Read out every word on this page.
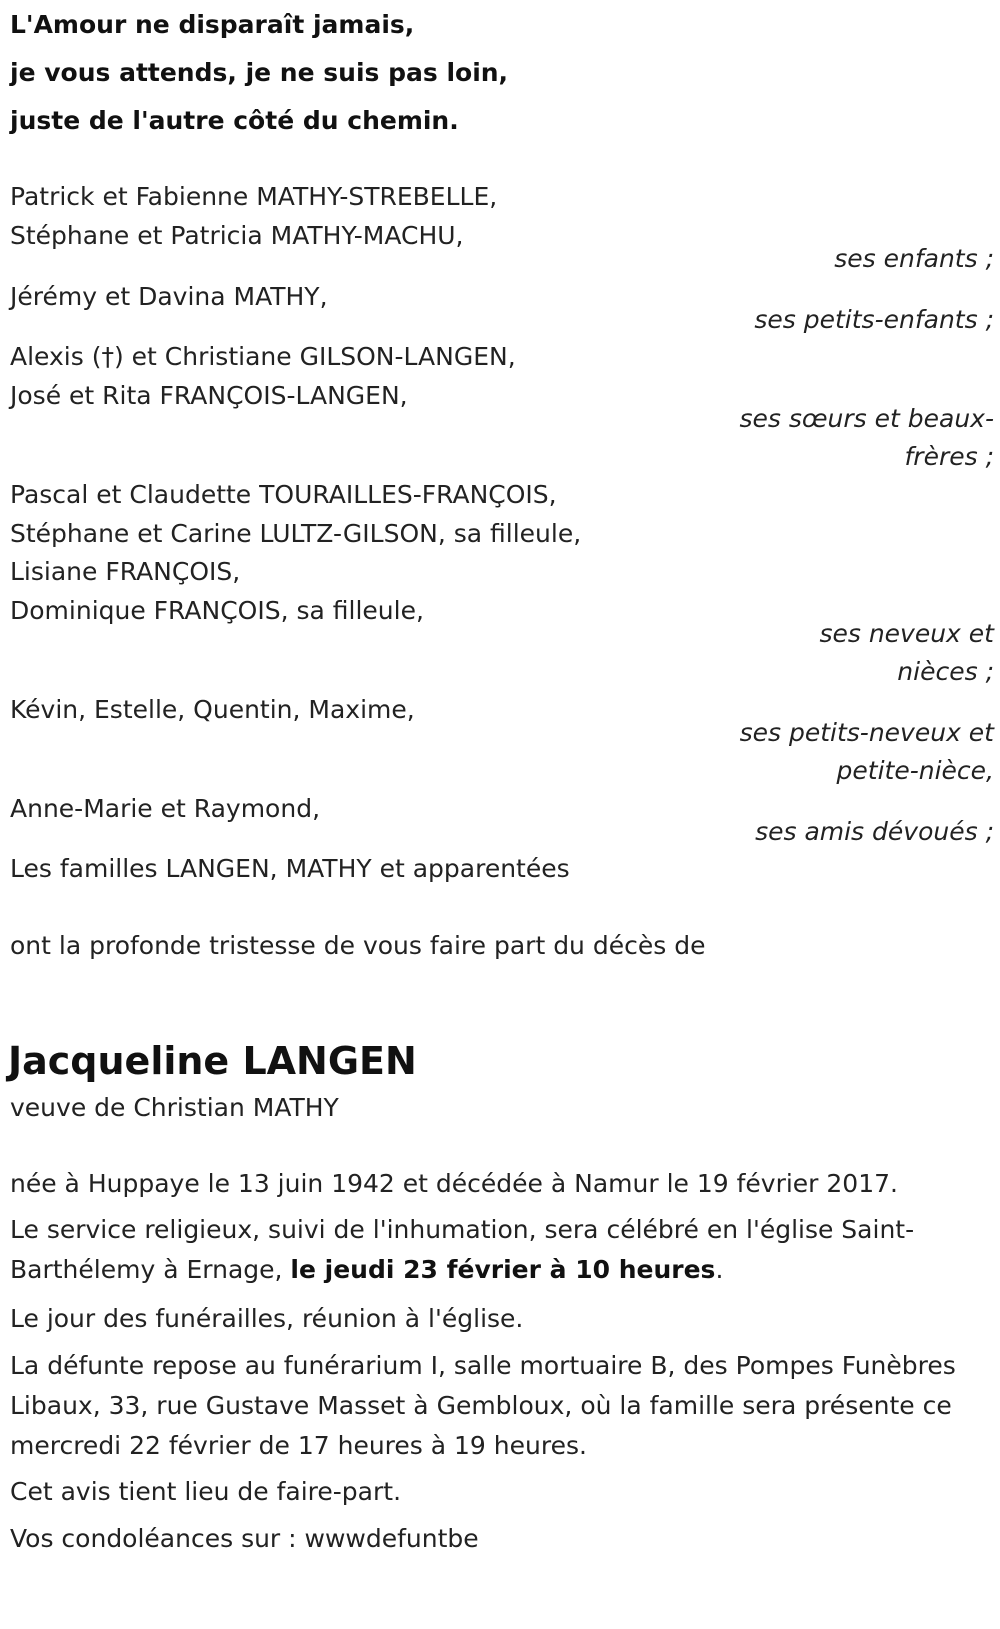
L'Amour ne disparaît jamais,
je vous attends, je ne suis pas loin,
juste de l'autre côté du chemin.
Patrick et Fabienne MATHY-STREBELLE,
Stéphane et Patricia MATHY-MACHU,
ses enfants ;
Jérémy et Davina MATHY,
ses petits-enfants ;
Alexis (†) et Christiane GILSON-LANGEN,
José et Rita FRANÇOIS-LANGEN,
ses sœurs et beaux-
frères ;
Pascal et Claudette TOURAILLES-FRANÇOIS,
Stéphane et Carine LULTZ-GILSON, sa filleule,
Lisiane FRANÇOIS,
Dominique FRANÇOIS, sa filleule,
ses neveux et
nièces ;
Kévin, Estelle, Quentin, Maxime,
ses petits-neveux et
petite-nièce,
Anne-Marie et Raymond,
ses amis dévoués ;
Les familles LANGEN, MATHY et apparentées
ont la profonde tristesse de vous faire part du décès de
Jacqueline LANGEN
veuve de Christian MATHY
née à Huppaye le 13 juin 1942 et décédée à Namur le 19 février 2017.
Le service religieux, suivi de l'inhumation, sera célébré en l'église Saint-Barthélemy à Ernage, le jeudi 23 février à 10 heures.
Le jour des funérailles, réunion à l'église.
La défunte repose au funérarium I, salle mortuaire B, des Pompes Funèbres Libaux, 33, rue Gustave Masset à Gembloux, où la famille sera présente ce mercredi 22 février de 17 heures à 19 heures.
Cet avis tient lieu de faire-part.
Vos condoléances sur : wwwdefuntbe
